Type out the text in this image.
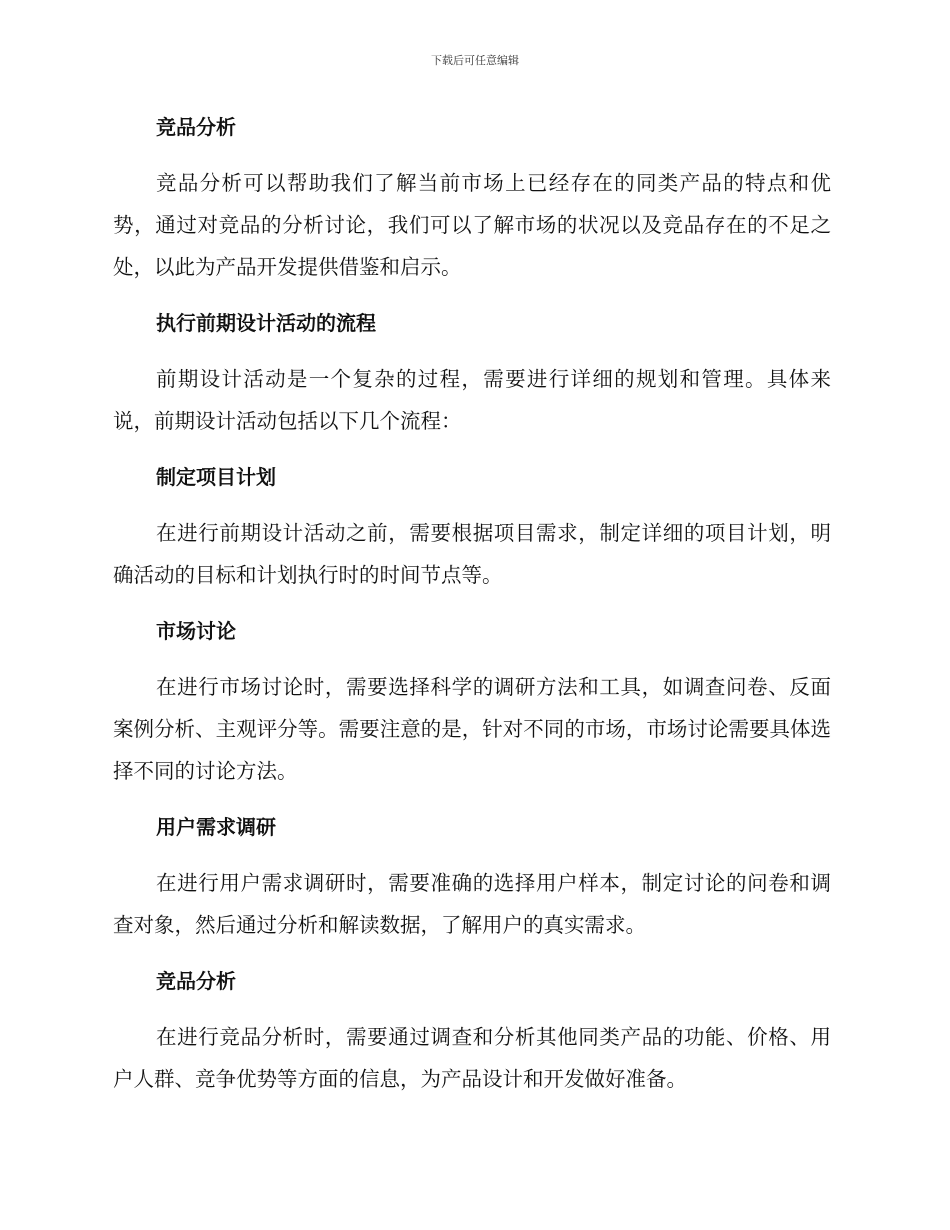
下载后可任意编辑
竞品分析

竞品分析可以帮助我们了解当前市场上已经存在的同类产品的特点和优势，通过对竞品的分析讨论，我们可以了解市场的状况以及竞品存在的不足之处，以此为产品开发提供借鉴和启示。

执行前期设计活动的流程

前期设计活动是一个复杂的过程，需要进行详细的规划和管理。具体来说，前期设计活动包括以下几个流程：

制定项目计划

在进行前期设计活动之前，需要根据项目需求，制定详细的项目计划，明确活动的目标和计划执行时的时间节点等。

市场讨论

在进行市场讨论时，需要选择科学的调研方法和工具，如调查问卷、反面案例分析、主观评分等。需要注意的是，针对不同的市场，市场讨论需要具体选择不同的讨论方法。

用户需求调研

在进行用户需求调研时，需要准确的选择用户样本，制定讨论的问卷和调查对象，然后通过分析和解读数据，了解用户的真实需求。

竞品分析

在进行竞品分析时，需要通过调查和分析其他同类产品的功能、价格、用户人群、竞争优势等方面的信息，为产品设计和开发做好准备。
